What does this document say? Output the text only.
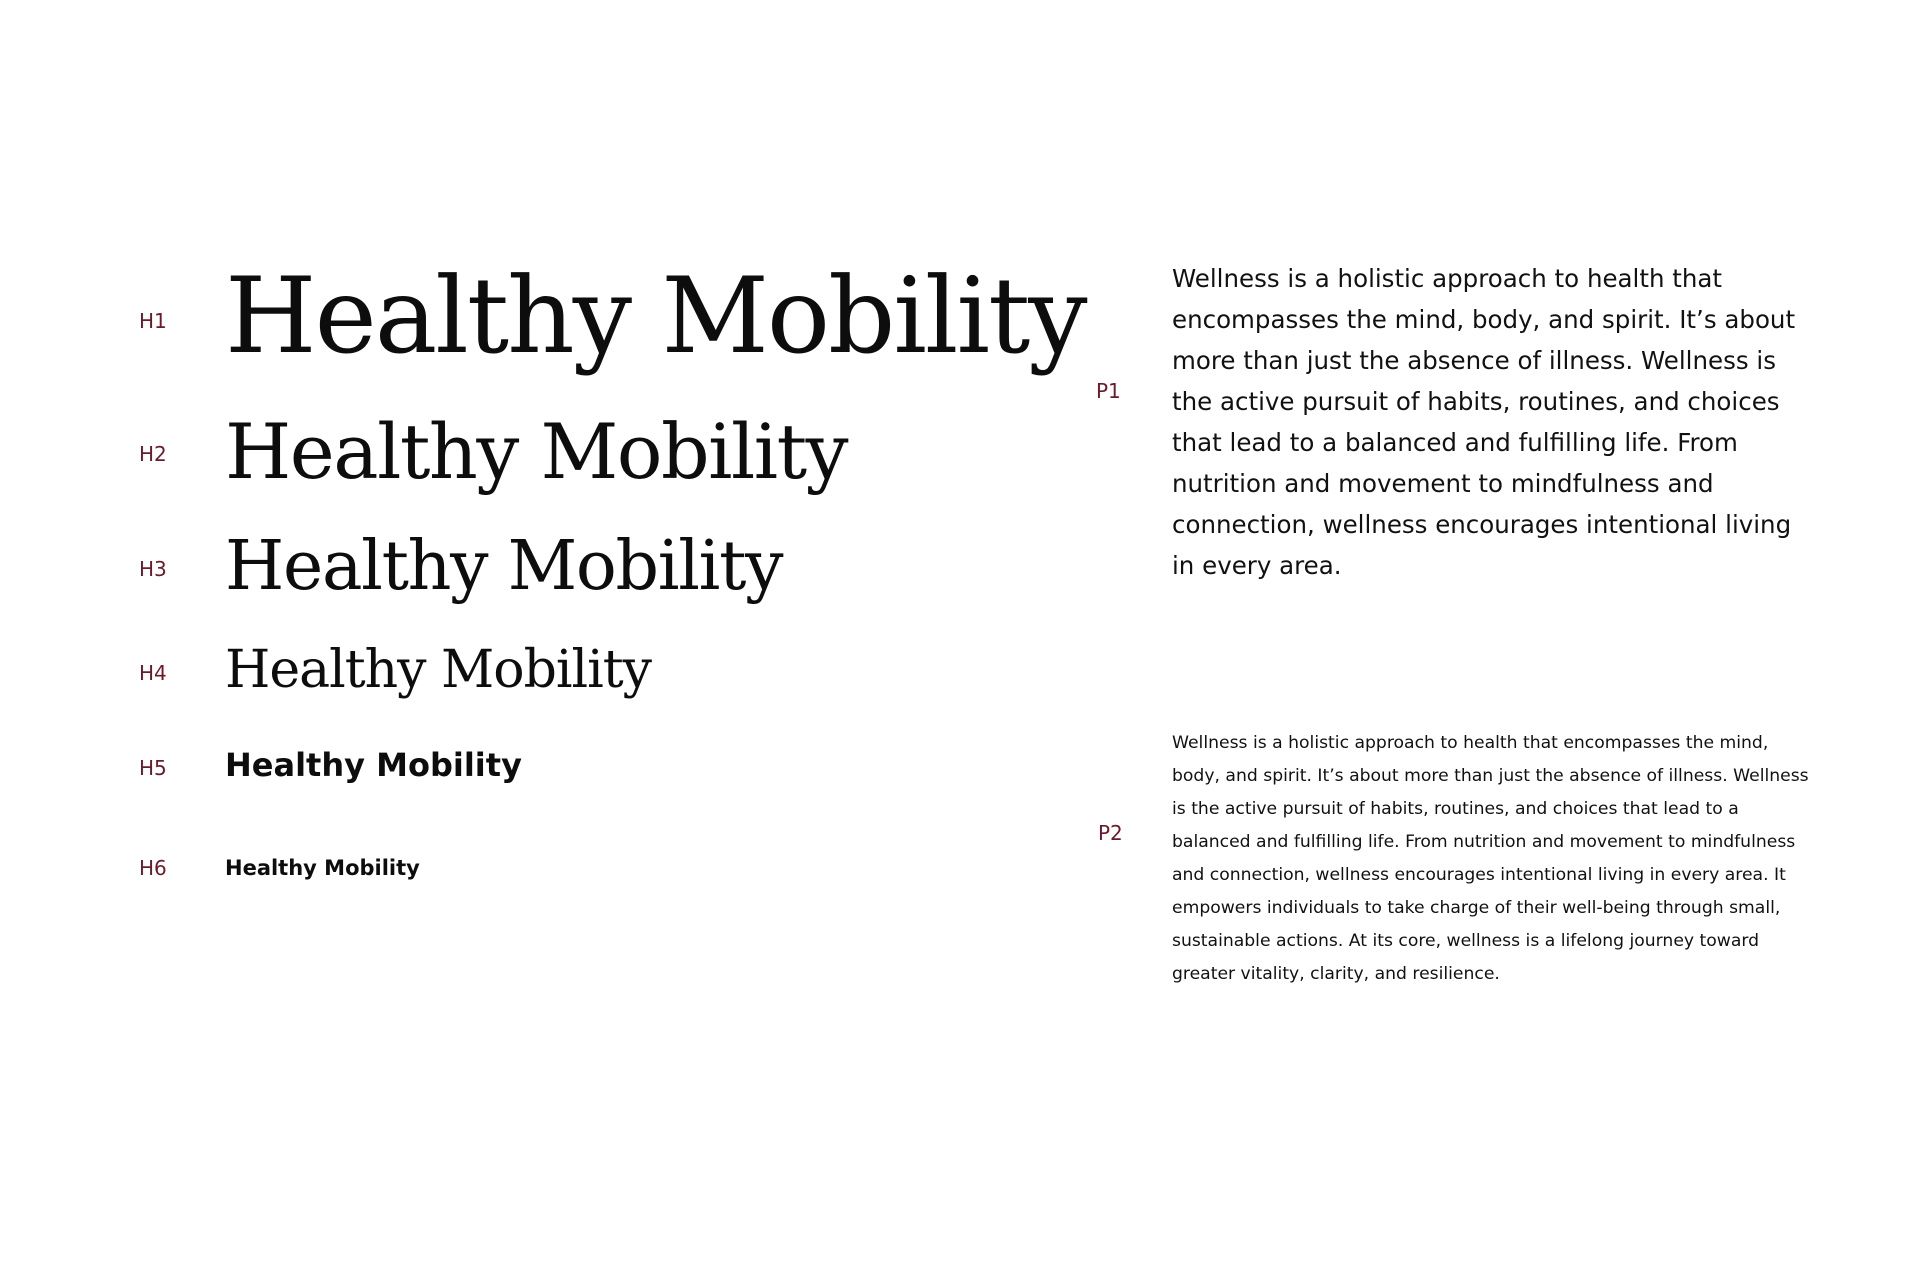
H1
H2
H3
H4
H5
H6
Healthy Mobility
Healthy Mobility
Healthy Mobility
Healthy Mobility
Healthy Mobility
Healthy Mobility
P1
P2

Wellness is a holistic approach to health that encompasses the mind, body, and spirit. It’s about more than just the absence of illness. Wellness is the active pursuit of habits, routines, and choices that lead to a balanced and fulfilling life. From nutrition and movement to mindfulness and connection, wellness encourages intentional living in every area.

Wellness is a holistic approach to health that encompasses the mind, body, and spirit. It’s about more than just the absence of illness. Wellness is the active pursuit of habits, routines, and choices that lead to a balanced and fulfilling life. From nutrition and movement to mindfulness and connection, wellness encourages intentional living in every area. It empowers individuals to take charge of their well-being through small, sustainable actions. At its core, wellness is a lifelong journey toward greater vitality, clarity, and resilience.
